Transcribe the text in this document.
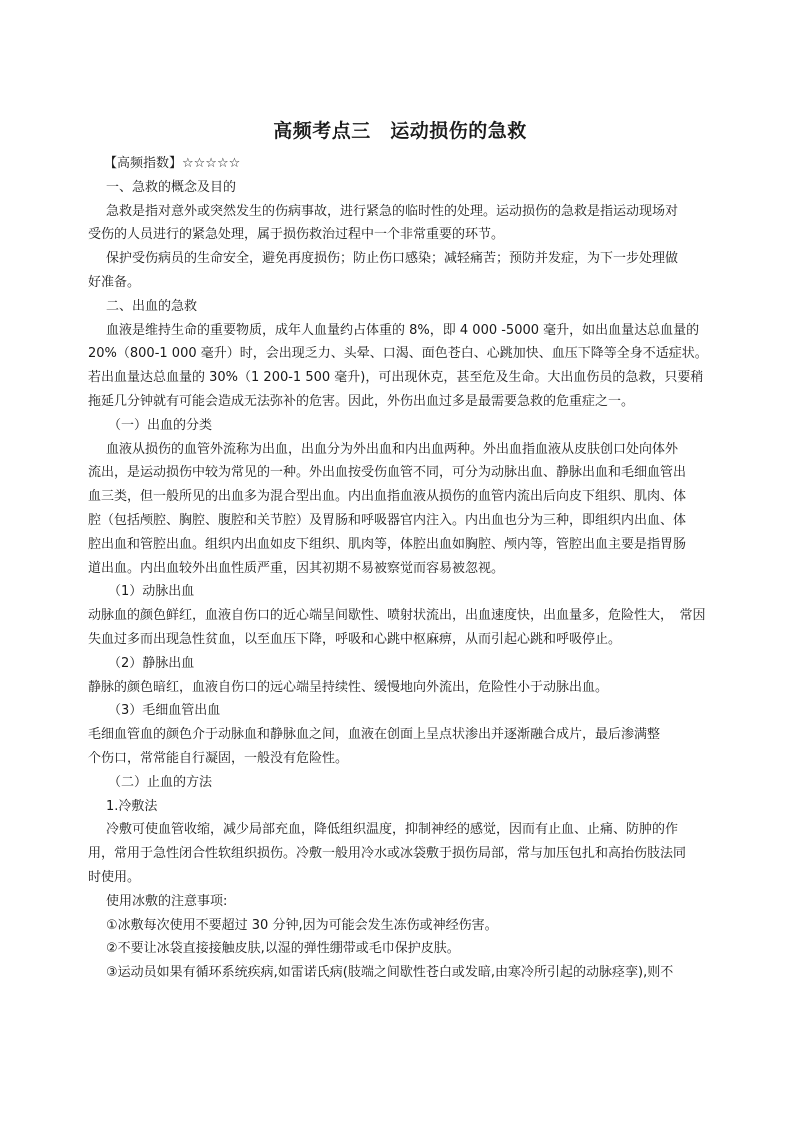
高频考点三　运动损伤的急救

【高频指数】☆☆☆☆☆

一、急救的概念及目的

急救是指对意外或突然发生的伤病事故，进行紧急的临时性的处理。运动损伤的急救是指运动现场对

受伤的人员进行的紧急处理，属于损伤救治过程中一个非常重要的环节。

保护受伤病员的生命安全，避免再度损伤；防止伤口感染；减轻痛苦；预防并发症，为下一步处理做

好准备。

二、出血的急救

血液是维持生命的重要物质，成年人血量约占体重的 8%，即 4 000 -5000 毫升，如出血量达总血量的

20%（800-1 000 毫升）时，会出现乏力、头晕、口渴、面色苍白、心跳加快、血压下降等全身不适症状。

若出血量达总血量的 30%（1 200-1 500 毫升)，可出现休克，甚至危及生命。大出血伤员的急救，只要稍

拖延几分钟就有可能会造成无法弥补的危害。因此，外伤出血过多是最需要急救的危重症之一。

（一）出血的分类

血液从损伤的血管外流称为出血，出血分为外出血和内出血两种。外出血指血液从皮肤创口处向体外

流出，是运动损伤中较为常见的一种。外出血按受伤血管不同，可分为动脉出血、静脉出血和毛细血管出

血三类，但一般所见的出血多为混合型出血。内出血指血液从损伤的血管内流出后向皮下组织、肌肉、体

腔（包括颅腔、胸腔、腹腔和关节腔）及胃肠和呼吸器官内注入。内出血也分为三种，即组织内出血、体

腔出血和管腔出血。组织内出血如皮下组织、肌肉等，体腔出血如胸腔、颅内等，管腔出血主要是指胃肠

道出血。内出血较外出血性质严重，因其初期不易被察觉而容易被忽视。

（1）动脉出血

动脉血的颜色鲜红，血液自伤口的近心端呈间歇性、喷射状流出，出血速度快，出血量多，危险性大，　常因

失血过多而出现急性贫血，以至血压下降，呼吸和心跳中枢麻痹，从而引起心跳和呼吸停止。

（2）静脉出血

静脉的颜色暗红，血液自伤口的远心端呈持续性、缓慢地向外流出，危险性小于动脉出血。

（3）毛细血管出血

毛细血管血的颜色介于动脉血和静脉血之间，血液在创面上呈点状渗出并逐渐融合成片，最后渗满整

个伤口，常常能自行凝固，一般没有危险性。

（二）止血的方法

1.冷敷法

冷敷可使血管收缩，减少局部充血，降低组织温度，抑制神经的感觉，因而有止血、止痛、防肿的作

用，常用于急性闭合性软组织损伤。冷敷一般用冷水或冰袋敷于损伤局部，常与加压包扎和高抬伤肢法同

时使用。

使用冰敷的注意事项:

①冰敷每次使用不要超过 30 分钟,因为可能会发生冻伤或神经伤害。

②不要让冰袋直接接触皮肤,以湿的弹性绷带或毛巾保护皮肤。

③运动员如果有循环系统疾病,如雷诺氏病(肢端之间歇性苍白或发暗,由寒冷所引起的动脉痉挛),则不
